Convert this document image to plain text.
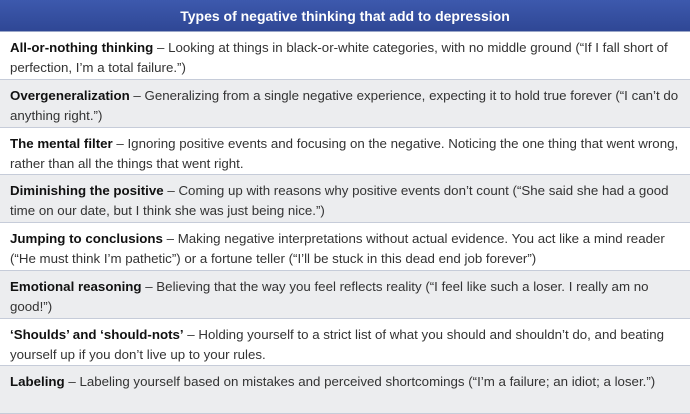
Types of negative thinking that add to depression
All-or-nothing thinking – Looking at things in black-or-white categories, with no middle ground (“If I fall short of perfection, I’m a total failure.”)
Overgeneralization – Generalizing from a single negative experience, expecting it to hold true forever (“I can’t do anything right.”)
The mental filter – Ignoring positive events and focusing on the negative. Noticing the one thing that went wrong, rather than all the things that went right.
Diminishing the positive – Coming up with reasons why positive events don’t count (“She said she had a good time on our date, but I think she was just being nice.”)
Jumping to conclusions – Making negative interpretations without actual evidence. You act like a mind reader (“He must think I’m pathetic”) or a fortune teller (“I’ll be stuck in this dead end job forever”)
Emotional reasoning – Believing that the way you feel reflects reality (“I feel like such a loser. I really am no good!”)
‘Shoulds’ and ‘should-nots’ – Holding yourself to a strict list of what you should and shouldn’t do, and beating yourself up if you don’t live up to your rules.
Labeling – Labeling yourself based on mistakes and perceived shortcomings (“I’m a failure; an idiot; a loser.”)
